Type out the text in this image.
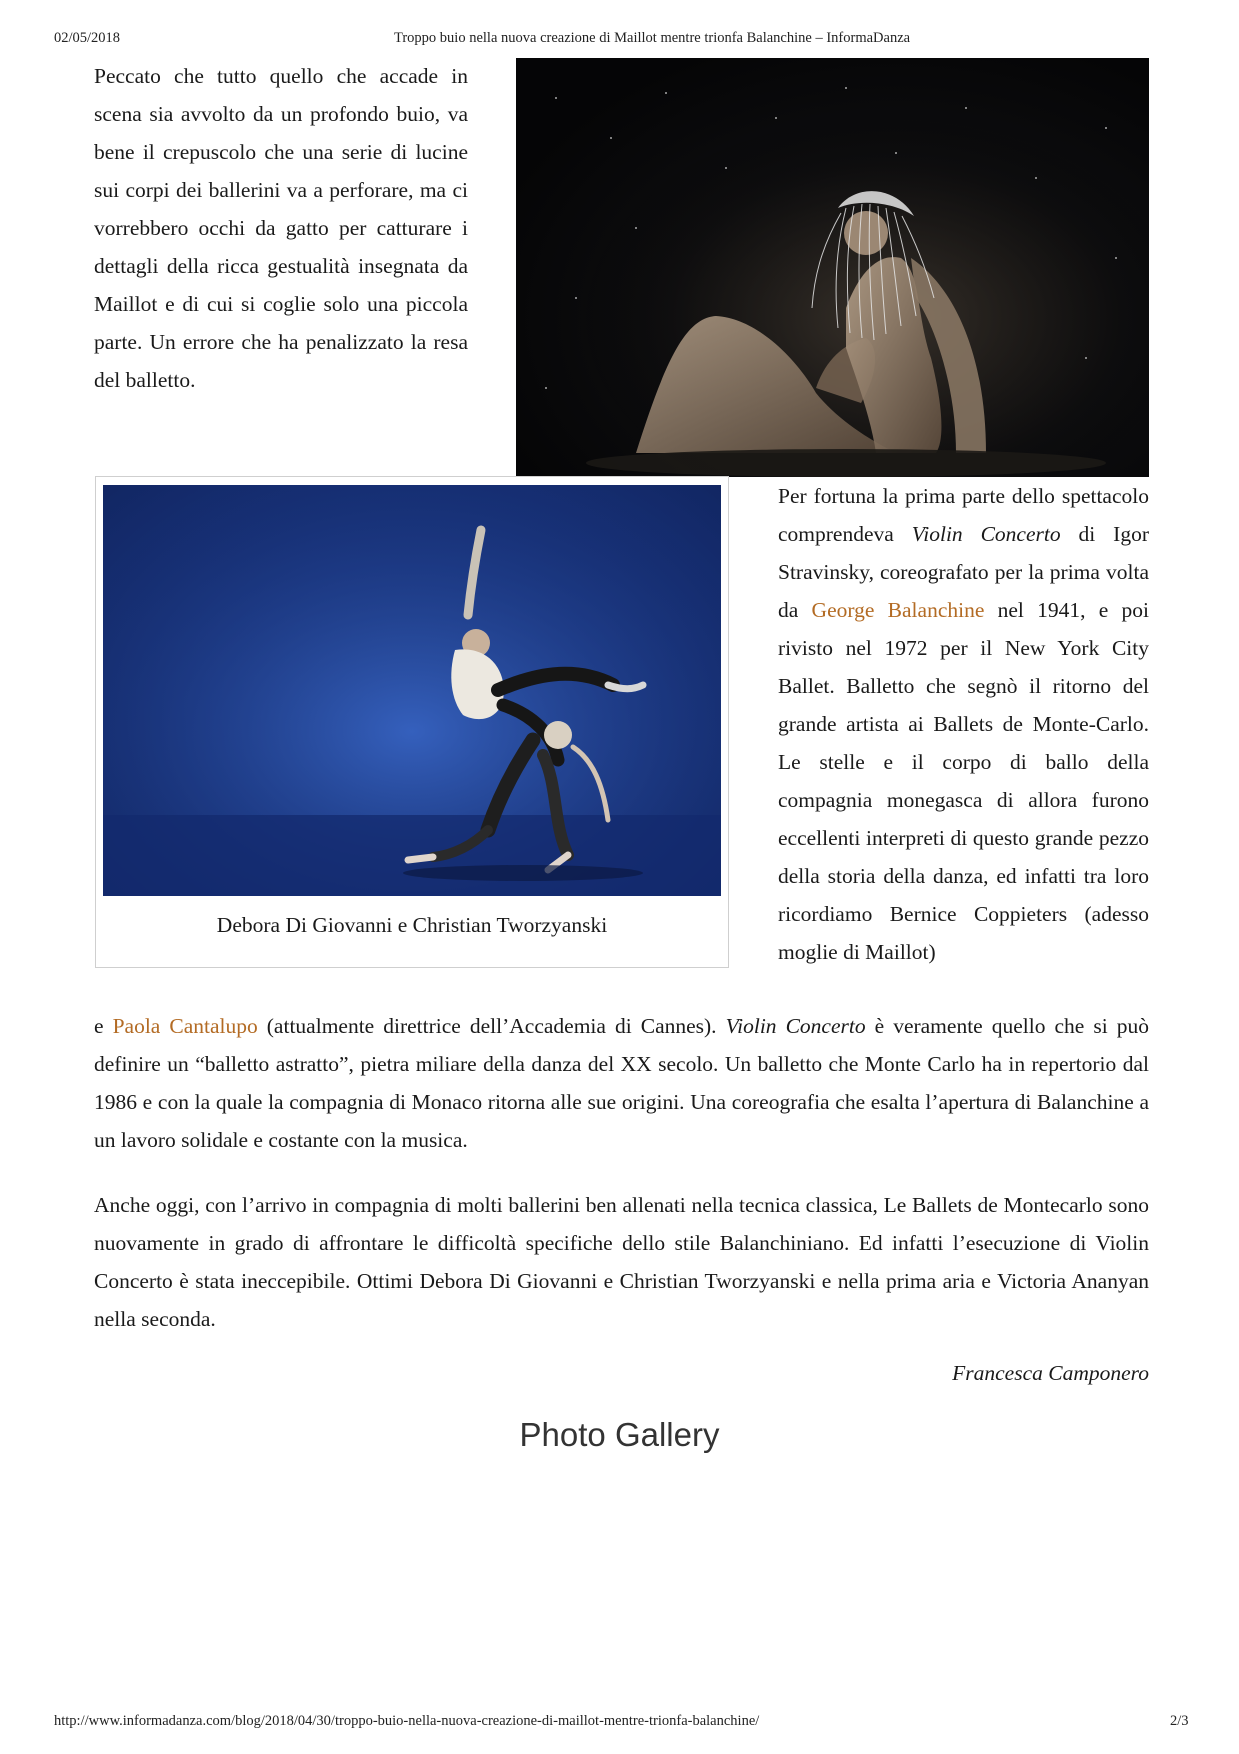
02/05/2018	Troppo buio nella nuova creazione di Maillot mentre trionfa Balanchine – InformaDanza

Peccato che tutto quello che accade in scena sia avvolto da un profondo buio, va bene il crepuscolo che una serie di lucine sui corpi dei ballerini va a perforare, ma ci vorrebbero occhi da gatto per catturare i dettagli della ricca gestualità insegnata da Maillot e di cui si coglie solo una piccola parte. Un errore che ha penalizzato la resa del balletto.

Debora Di Giovanni e Christian Tworzyanski

Per fortuna la prima parte dello spettacolo comprendeva Violin Concerto di Igor Stravinsky, coreografato per la prima volta da George Balanchine nel 1941, e poi rivisto nel 1972 per il New York City Ballet. Balletto che segnò il ritorno del grande artista ai Ballets de Monte-Carlo. Le stelle e il corpo di ballo della compagnia monegasca di allora furono eccellenti interpreti di questo grande pezzo della storia della danza, ed infatti tra loro ricordiamo Bernice Coppieters (adesso moglie di Maillot)

e Paola Cantalupo (attualmente direttrice dell’Accademia di Cannes). Violin Concerto è veramente quello che si può definire un “balletto astratto”, pietra miliare della danza del XX secolo. Un balletto che Monte Carlo ha in repertorio dal 1986 e con la quale la compagnia di Monaco ritorna alle sue origini. Una coreografia che esalta l’apertura di Balanchine a un lavoro solidale e costante con la musica.

Anche oggi, con l’arrivo in compagnia di molti ballerini ben allenati nella tecnica classica, Le Ballets de Montecarlo sono nuovamente in grado di affrontare le difficoltà specifiche dello stile Balanchiniano. Ed infatti l’esecuzione di Violin Concerto è stata ineccepibile. Ottimi Debora Di Giovanni e Christian Tworzyanski e nella prima aria e Victoria Ananyan nella seconda.

Francesca Camponero
Photo Gallery
http://www.informadanza.com/blog/2018/04/30/troppo-buio-nella-nuova-creazione-di-maillot-mentre-trionfa-balanchine/	2/3
